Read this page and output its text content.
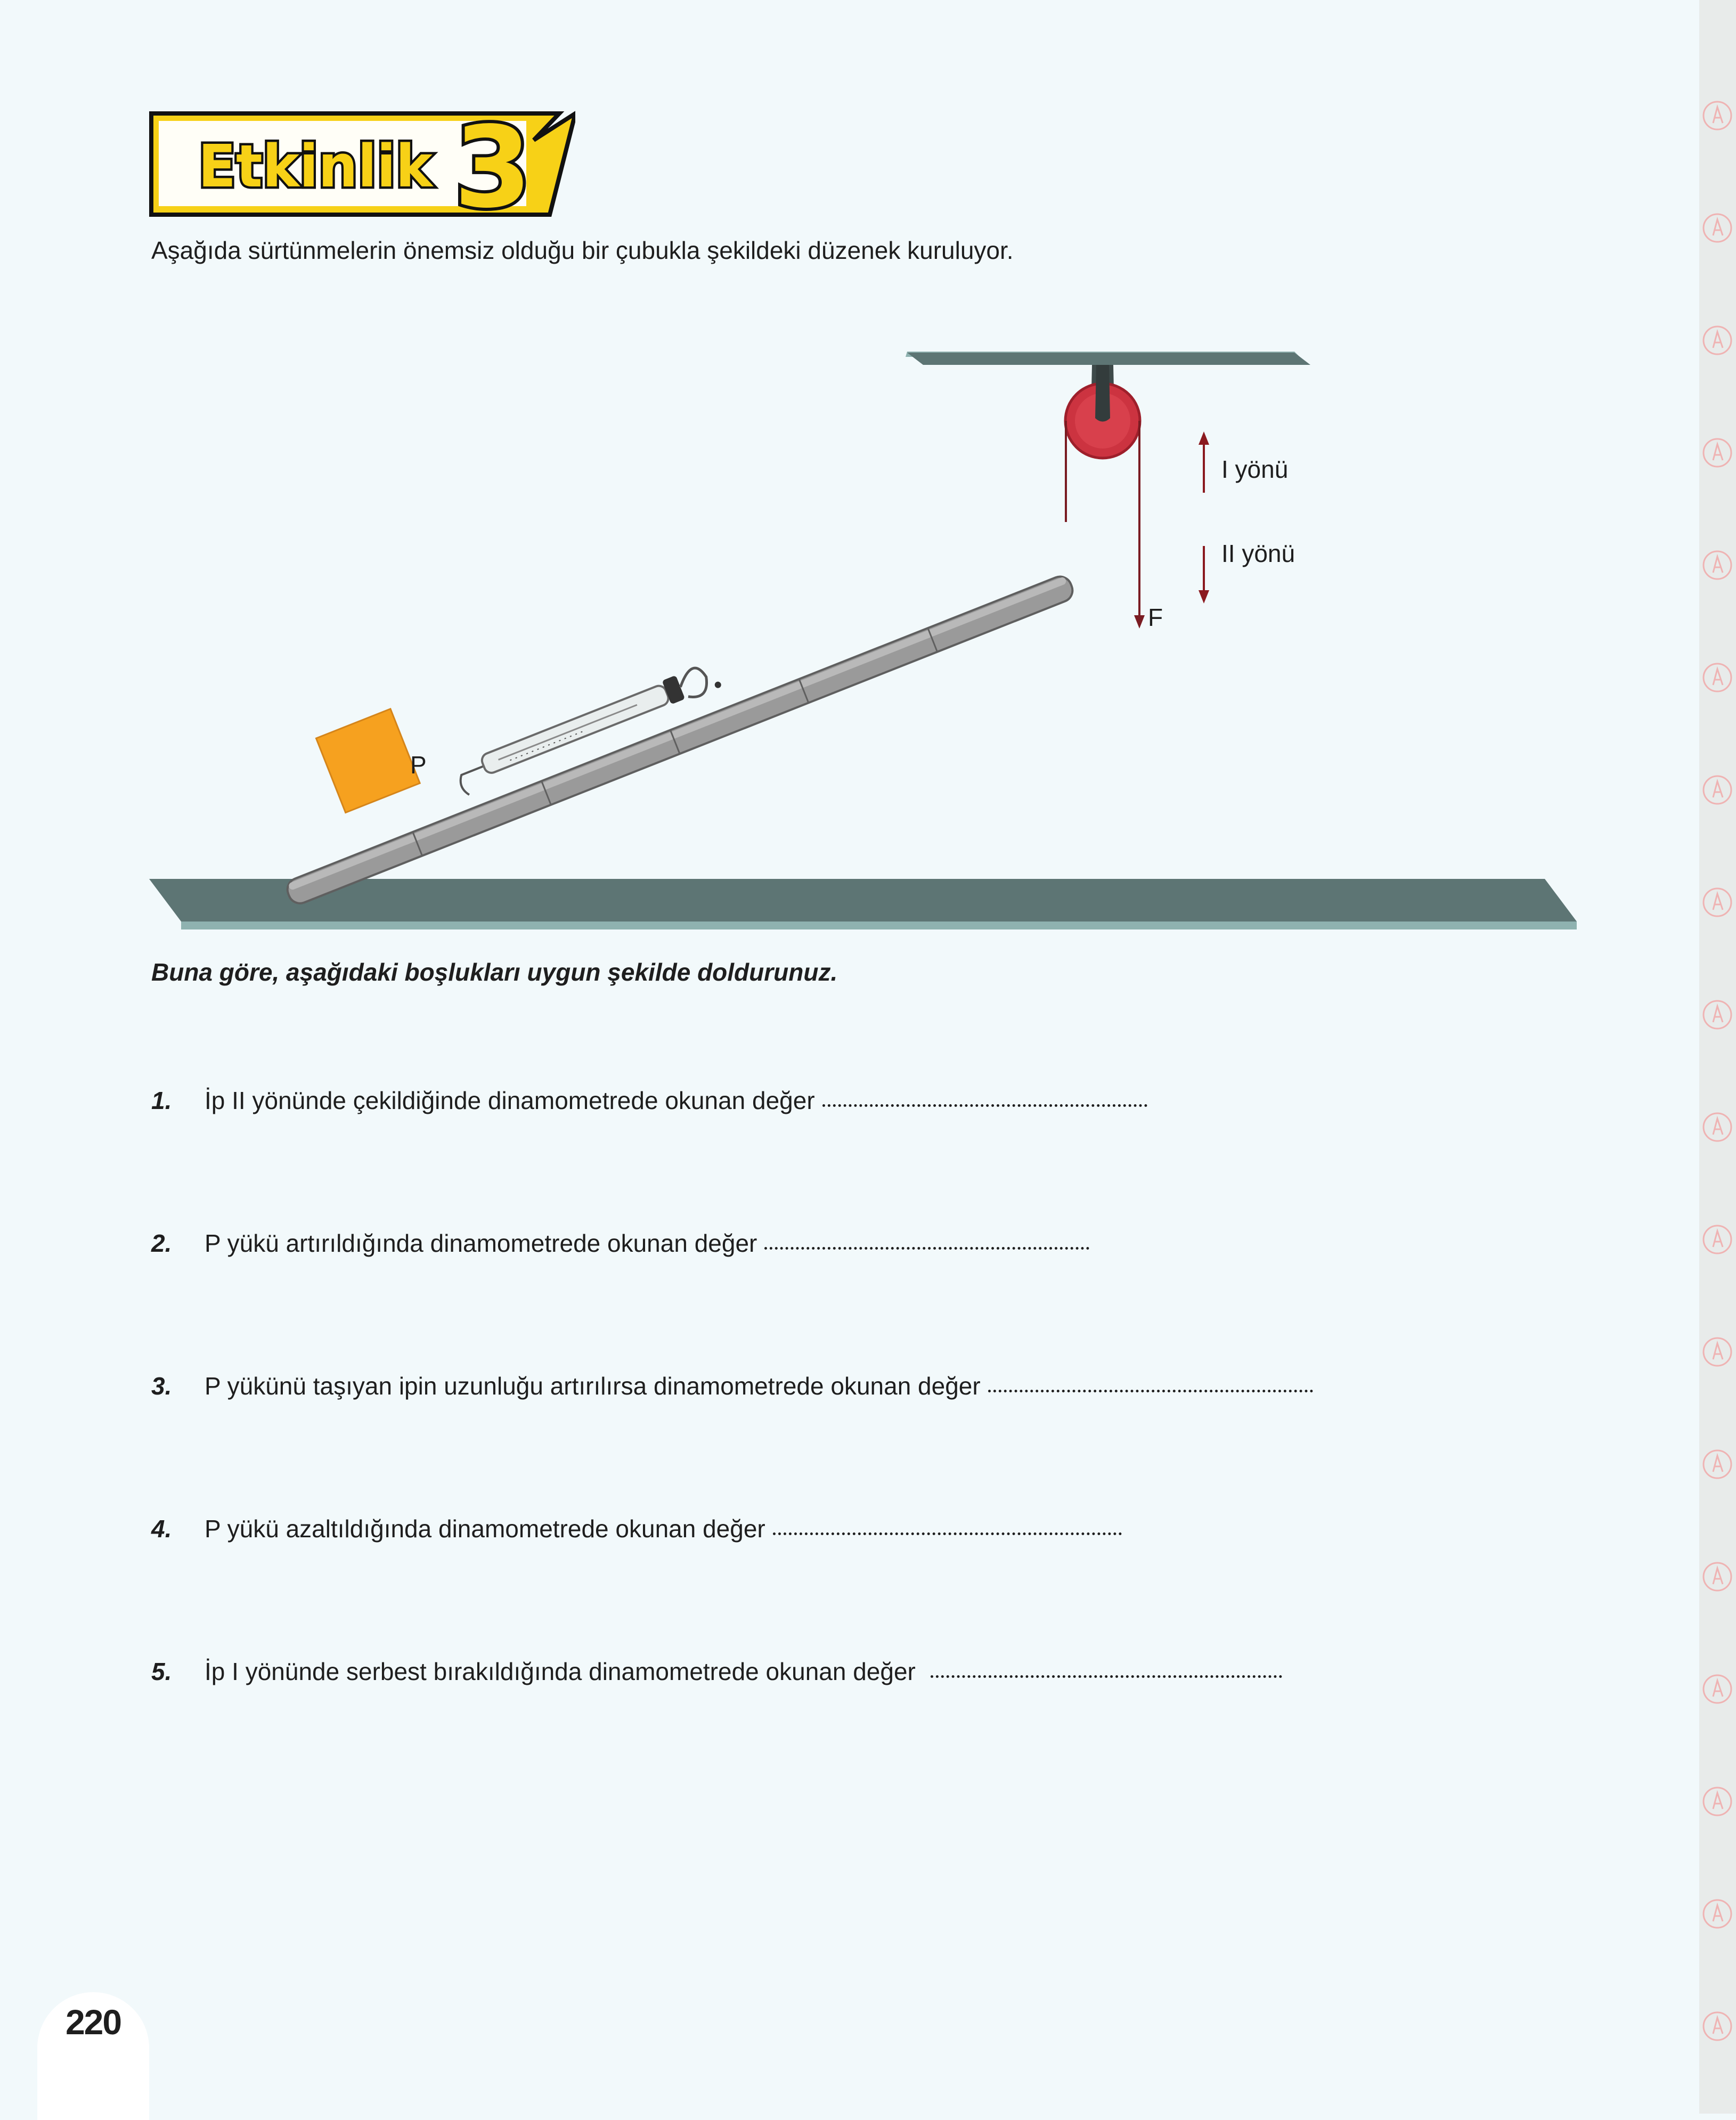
Etkinlik 3
Aşağıda sürtünmelerin önemsiz olduğu bir çubukla şekildeki düzenek kuruluyor.
F
I yönü
II yönü
P
Buna göre, aşağıdaki boşlukları uygun şekilde doldurunuz.
1. İp II yönünde çekildiğinde dinamometrede okunan değer
2. P yükü artırıldığında dinamometrede okunan değer
3. P yükünü taşıyan ipin uzunluğu artırılırsa dinamometrede okunan değer
4. P yükü azaltıldığında dinamometrede okunan değer
5. İp I yönünde serbest bırakıldığında dinamometrede okunan değer
220
